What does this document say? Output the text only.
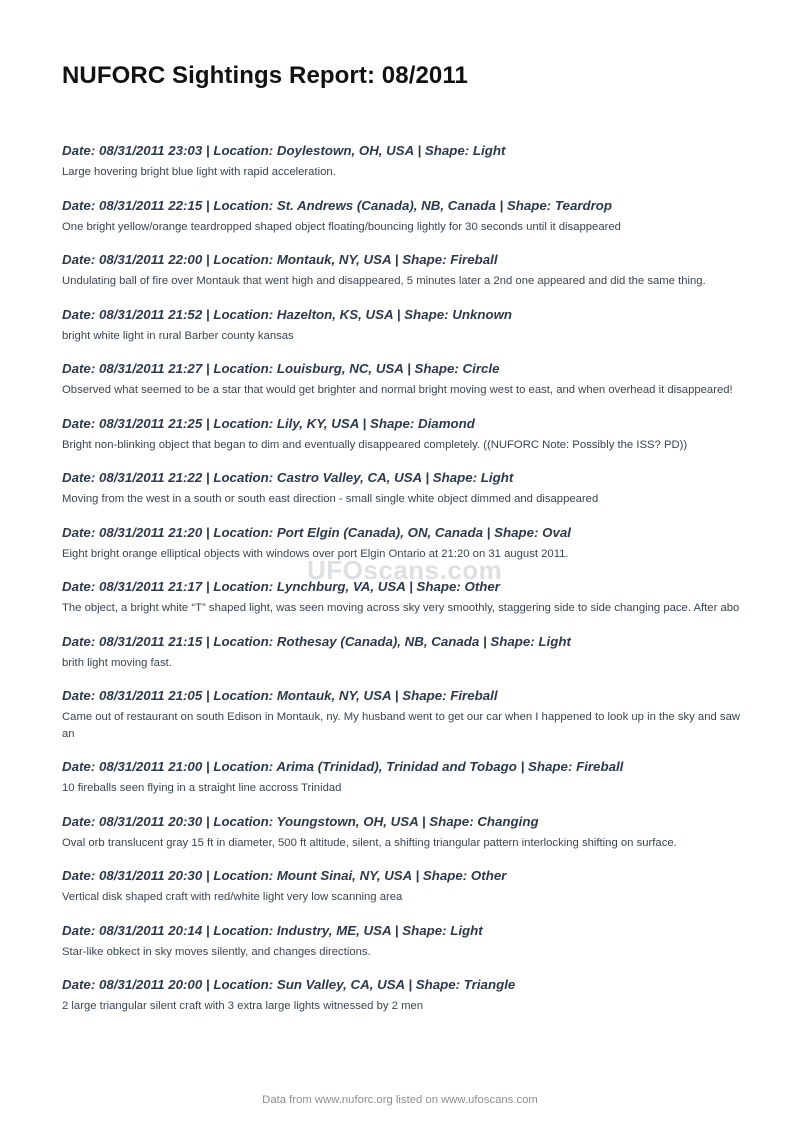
NUFORC Sightings Report: 08/2011
Date: 08/31/2011 23:03 | Location: Doylestown, OH, USA | Shape: Light
Large hovering bright blue light with rapid acceleration.
Date: 08/31/2011 22:15 | Location: St. Andrews (Canada), NB, Canada | Shape: Teardrop
One bright yellow/orange teardropped shaped object floating/bouncing lightly for 30 seconds until it disappeared
Date: 08/31/2011 22:00 | Location: Montauk, NY, USA | Shape: Fireball
Undulating ball of fire over Montauk that went high and disappeared, 5 minutes later a 2nd one appeared and did the same thing.
Date: 08/31/2011 21:52 | Location: Hazelton, KS, USA | Shape: Unknown
bright white light in rural Barber county kansas
Date: 08/31/2011 21:27 | Location: Louisburg, NC, USA | Shape: Circle
Observed what seemed to be a star that would get brighter and normal bright moving west to east, and when overhead it disappeared!
Date: 08/31/2011 21:25 | Location: Lily, KY, USA | Shape: Diamond
Bright non-blinking object that began to dim and eventually disappeared completely. ((NUFORC Note: Possibly the ISS? PD))
Date: 08/31/2011 21:22 | Location: Castro Valley, CA, USA | Shape: Light
Moving from the west in a south or south east direction - small single white object dimmed and disappeared
Date: 08/31/2011 21:20 | Location: Port Elgin (Canada), ON, Canada | Shape: Oval
Eight bright orange elliptical objects with windows over port Elgin Ontario at 21:20 on 31 august 2011.
Date: 08/31/2011 21:17 | Location: Lynchburg, VA, USA | Shape: Other
The object, a bright white “T” shaped light, was seen moving across sky very smoothly, staggering side to side changing pace. After abo
Date: 08/31/2011 21:15 | Location: Rothesay (Canada), NB, Canada | Shape: Light
brith light moving fast.
Date: 08/31/2011 21:05 | Location: Montauk, NY, USA | Shape: Fireball
Came out of restaurant on south Edison in Montauk, ny. My husband went to get our car when I happened to look up in the sky and saw an
Date: 08/31/2011 21:00 | Location: Arima (Trinidad), Trinidad and Tobago | Shape: Fireball
10 fireballs seen flying in a straight line accross Trinidad
Date: 08/31/2011 20:30 | Location: Youngstown, OH, USA | Shape: Changing
Oval orb translucent gray 15 ft in diameter, 500 ft altitude, silent, a shifting triangular pattern interlocking shifting on surface.
Date: 08/31/2011 20:30 | Location: Mount Sinai, NY, USA | Shape: Other
Vertical disk shaped craft with red/white light very low scanning area
Date: 08/31/2011 20:14 | Location: Industry, ME, USA | Shape: Light
Star-like obkect in sky moves silently, and changes directions.
Date: 08/31/2011 20:00 | Location: Sun Valley, CA, USA | Shape: Triangle
2 large triangular silent craft with 3 extra large lights witnessed by 2 men
UFOscans.com
Data from www.nuforc.org listed on www.ufoscans.com
